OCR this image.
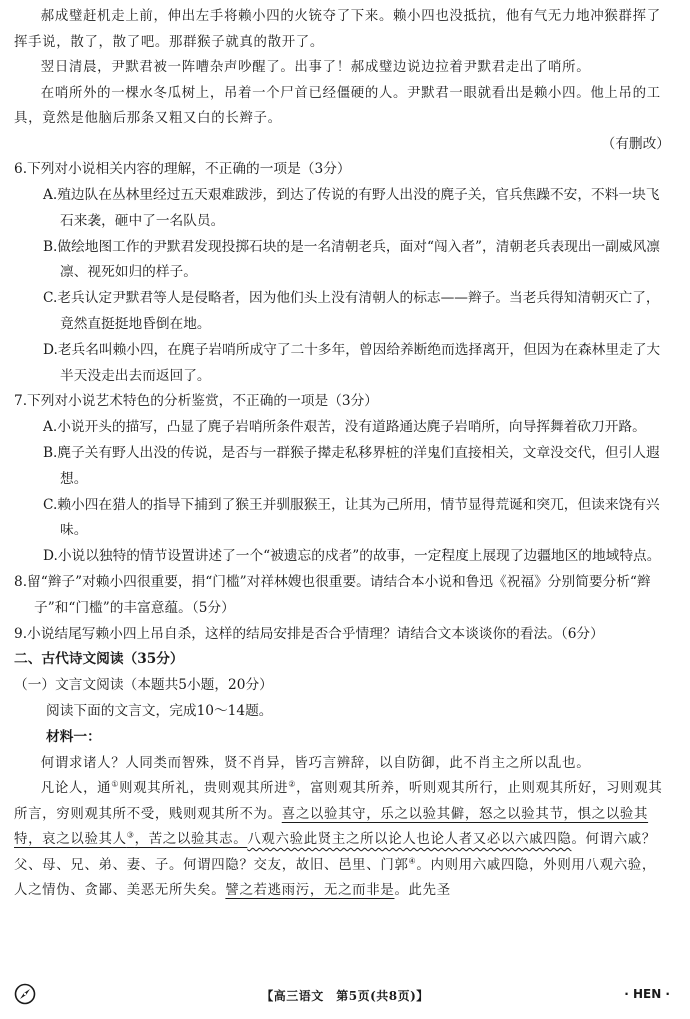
郝成璧赶机走上前，伸出左手将赖小四的火铳夺了下来。赖小四也没抵抗，他有气无力地冲猴群挥了挥手说，散了，散了吧。那群猴子就真的散开了。

翌日清晨，尹默君被一阵嘈杂声吵醒了。出事了！郝成璧边说边拉着尹默君走出了哨所。

在哨所外的一棵水冬瓜树上，吊着一个尸首已经僵硬的人。尹默君一眼就看出是赖小四。他上吊的工具，竟然是他脑后那条又粗又白的长辫子。

（有删改）

6.下列对小说相关内容的理解，不正确的一项是（3分）

A.殖边队在丛林里经过五天艰难跋涉，到达了传说的有野人出没的麂子关，官兵焦躁不安，不料一块飞石来袭，砸中了一名队员。

B.做绘地图工作的尹默君发现投掷石块的是一名清朝老兵，面对“闯入者”，清朝老兵表现出一副威风凛凛、视死如归的样子。

C.老兵认定尹默君等人是侵略者，因为他们头上没有清朝人的标志——辫子。当老兵得知清朝灭亡了，竟然直挺挺地昏倒在地。

D.老兵名叫赖小四，在麂子岩哨所成守了二十多年，曾因给养断绝而选择离开，但因为在森林里走了大半天没走出去而返回了。

7.下列对小说艺术特色的分析鉴赏，不正确的一项是（3分）

A.小说开头的描写，凸显了麂子岩哨所条件艰苦，没有道路通达麂子岩哨所，向导挥舞着砍刀开路。

B.麂子关有野人出没的传说，是否与一群猴子撵走私移界桩的洋鬼们直接相关，文章没交代，但引人遐想。

C.赖小四在猎人的指导下捕到了猴王并驯服猴王，让其为己所用，情节显得荒诞和突兀，但读来饶有兴味。

D.小说以独特的情节设置讲述了一个“被遗忘的戍者”的故事，一定程度上展现了边疆地区的地域特点。

8.留“辫子”对赖小四很重要，捐“门槛”对祥林嫂也很重要。请结合本小说和鲁迅《祝福》分别简要分析“辫子”和“门槛”的丰富意蕴。（5分）

9.小说结尾写赖小四上吊自杀，这样的结局安排是否合乎情理？请结合文本谈谈你的看法。（6分）

二、古代诗文阅读（35分）

（一）文言文阅读（本题共5小题，20分）

阅读下面的文言文，完成10～14题。

材料一：

何谓求诸人？人同类而智殊，贤不肖异，皆巧言辨辞，以自防御，此不肖主之所以乱也。

凡论人，通①则观其所礼，贵则观其所进②，富则观其所养，听则观其所行，止则观其所好，习则观其所言，穷则观其所不受，贱则观其所不为。喜之以验其守，乐之以验其僻，怒之以验其节，惧之以验其特，哀之以验其人③，苦之以验其志。八观六验此贤主之所以论人也论人者又必以六戚四隐。何谓六戚？父、母、兄、弟、妻、子。何谓四隐？交友，故旧、邑里、门郭④。内则用六戚四隐，外则用八观六验，人之情伪、贪鄙、美恶无所失矣。譬之若逃雨污，无之而非是。此先圣

【高三语文　第5页(共8页)】	· HEN ·
